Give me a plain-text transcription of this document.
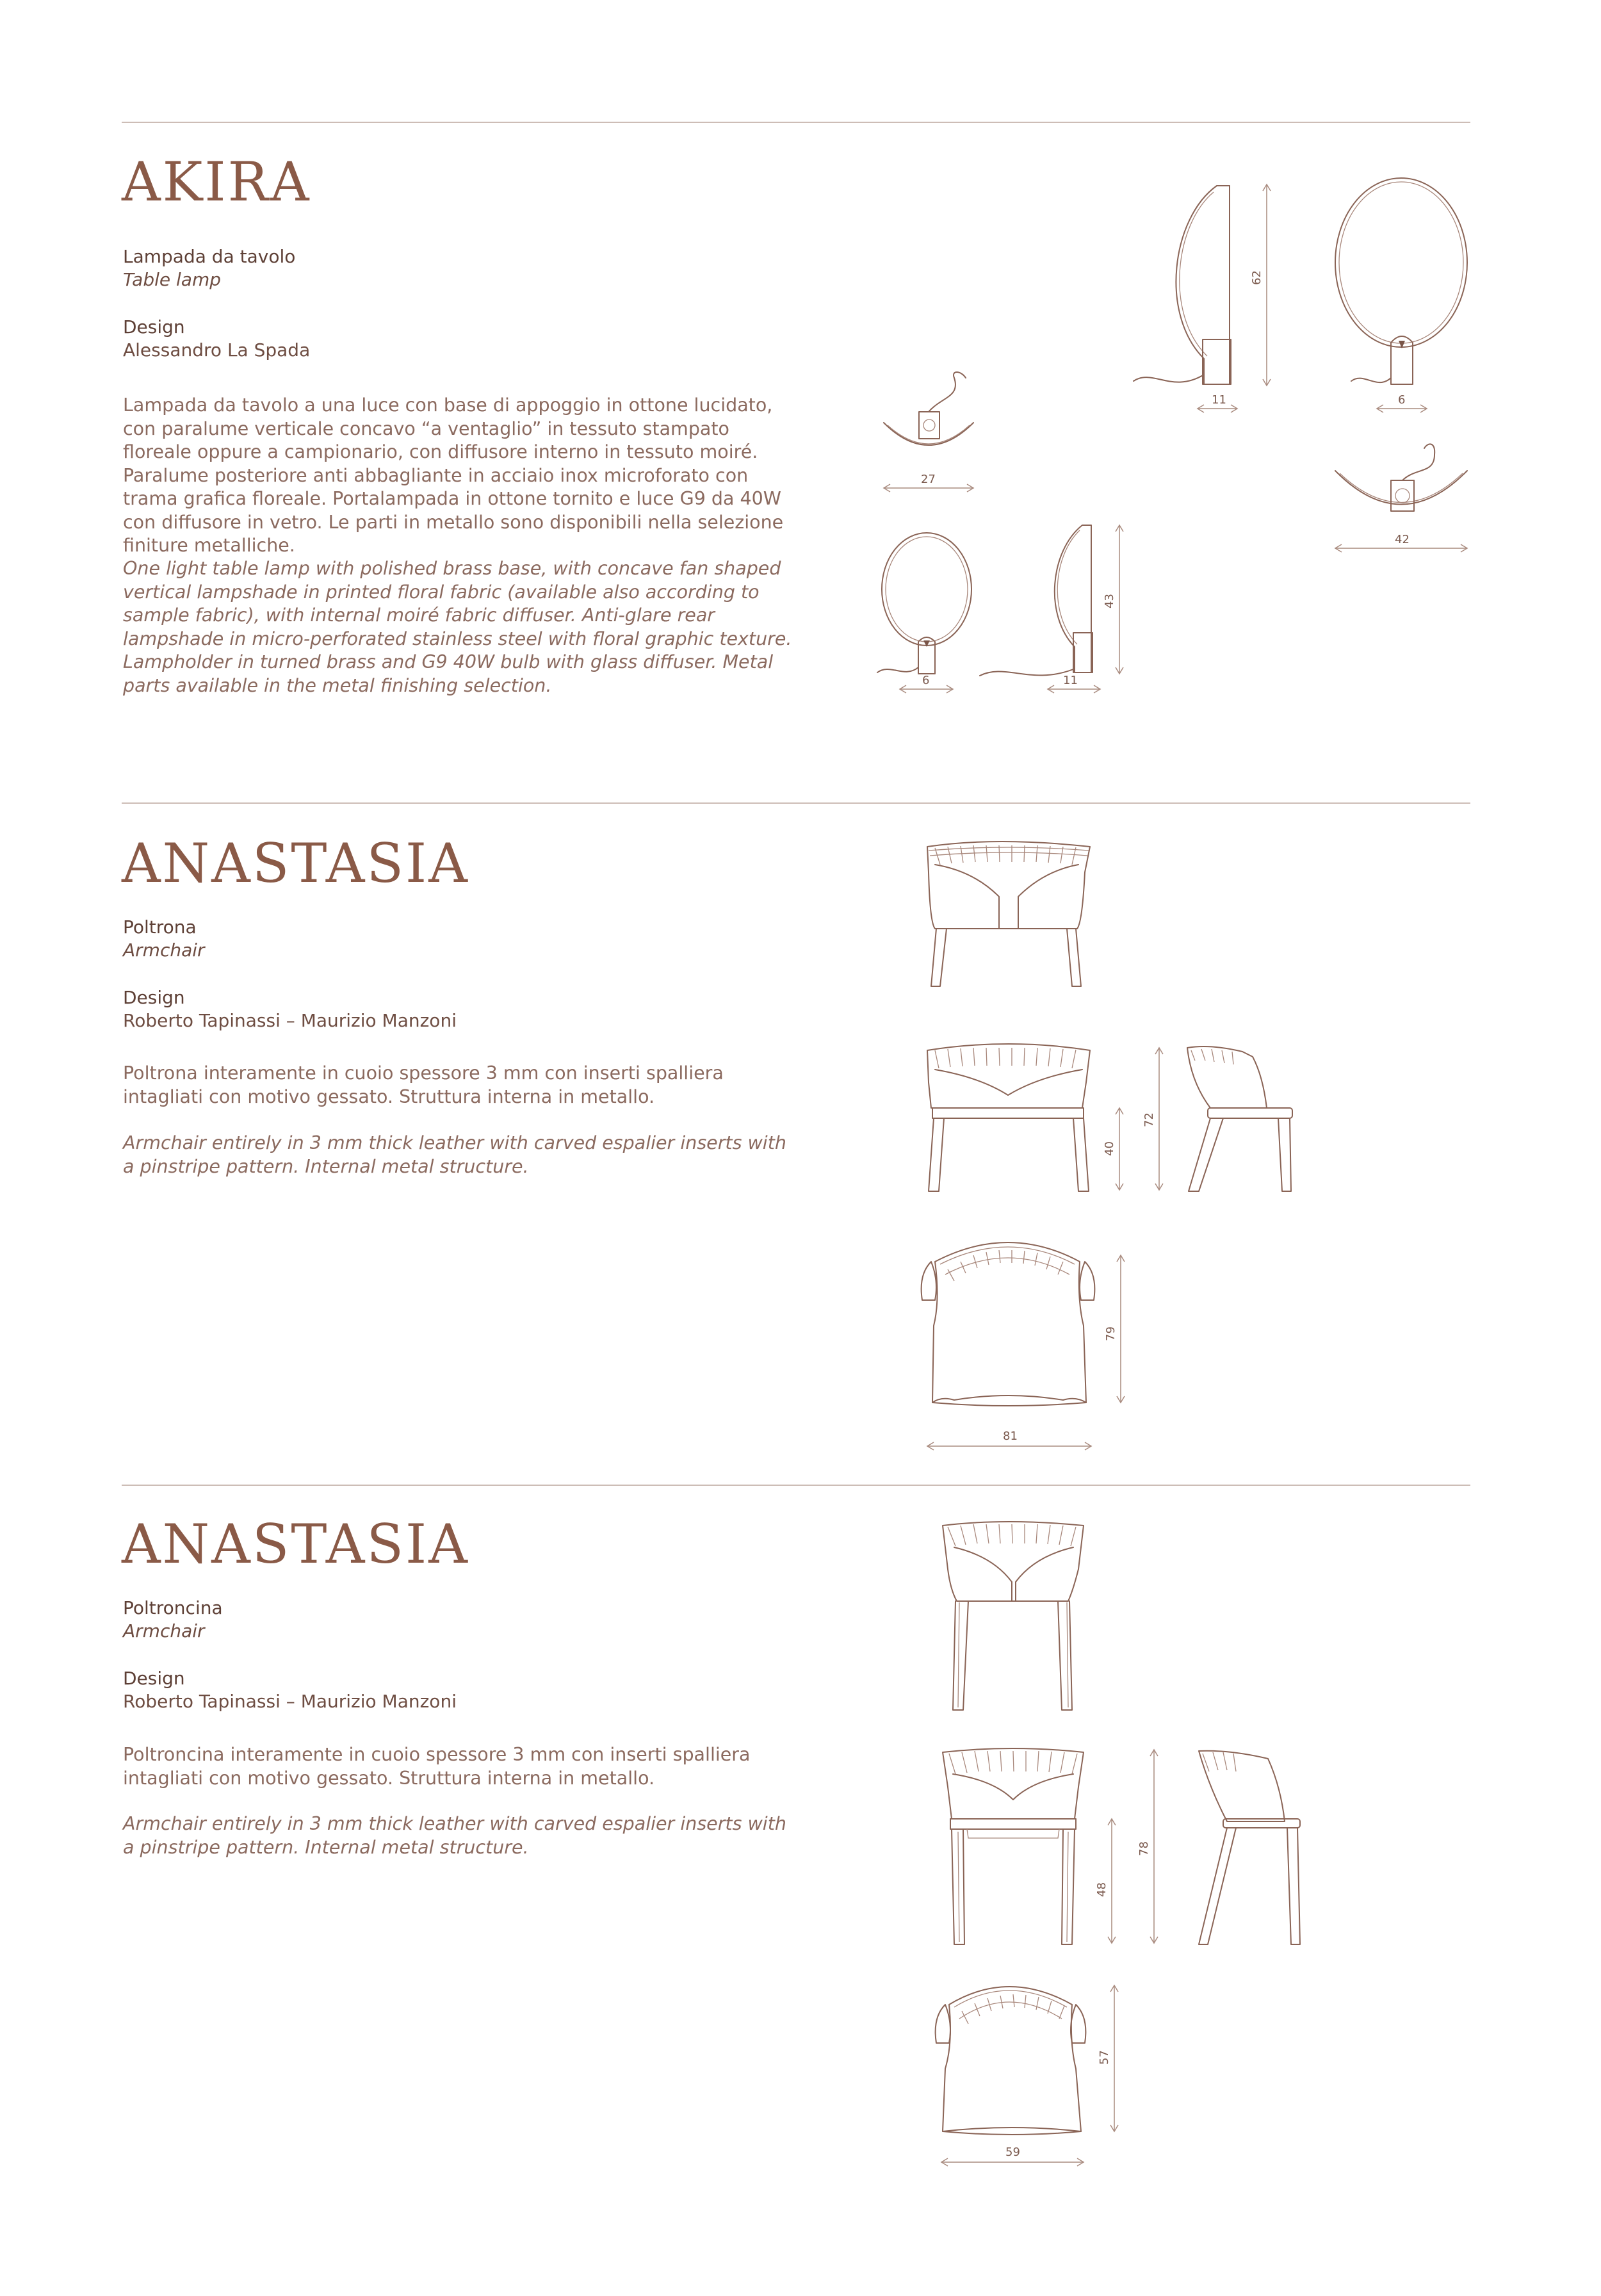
AKIRA
Lampada da tavolo
Table lamp
Design
Alessandro La Spada

Lampada da tavolo a una luce con base di appoggio in ottone lucidato, con paralume verticale concavo “a ventaglio” in tessuto stampato floreale oppure a campionario, con diffusore interno in tessuto moiré. Paralume posteriore anti abbagliante in acciaio inox microforato con trama grafica floreale. Portalampada in ottone tornito e luce G9 da 40W con diffusore in vetro. Le parti in metallo sono disponibili nella selezione finiture metalliche.

One light table lamp with polished brass base, with concave fan shaped vertical lampshade in printed floral fabric (available also according to sample fabric), with internal moiré fabric diffuser. Anti-glare rear lampshade in micro-perforated stainless steel with floral graphic texture. Lampholder in turned brass and G9 40W bulb with glass diffuser. Metal parts available in the metal finishing selection.

62
11	6
27
42
6
43
11
ANASTASIA
Poltrona
Armchair
Design
Roberto Tapinassi – Maurizio Manzoni

Poltrona interamente in cuoio spessore 3 mm con inserti spalliera intagliati con motivo gessato. Struttura interna in metallo.

Armchair entirely in 3 mm thick leather with carved espalier inserts with a pinstripe pattern. Internal metal structure.

40
72
79
81
ANASTASIA
Poltroncina
Armchair
Design
Roberto Tapinassi – Maurizio Manzoni

Poltroncina interamente in cuoio spessore 3 mm con inserti spalliera intagliati con motivo gessato. Struttura interna in metallo.

Armchair entirely in 3 mm thick leather with carved espalier inserts with a pinstripe pattern. Internal metal structure.

48
78
57
59
